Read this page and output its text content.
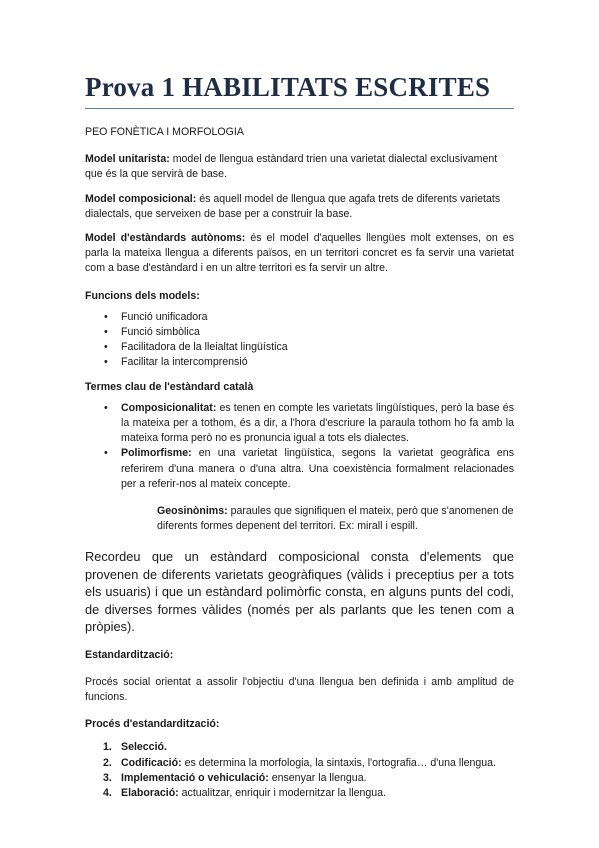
Prova 1 HABILITATS ESCRITES

PEO FONÈTICA I MORFOLOGIA

Model unitarista: model de llengua estàndard trien una varietat dialectal exclusivament que és la que servirà de base.

Model composicional: és aquell model de llengua que agafa trets de diferents varietats dialectals, que serveixen de base per a construir la base.

Model d'estàndards autònoms: és el model d'aquelles llengües molt extenses, on es parla la mateixa llengua a diferents països, en un territori concret es fa servir una varietat com a base d'estàndard i en un altre territori es fa servir un altre.

Funcions dels models:

• Funció unificadora
• Funció simbòlica
• Facilitadora de la lleialtat lingüística
• Facilitar la intercomprensió

Termes clau de l'estàndard català

• Composicionalitat: es tenen en compte les varietats lingüístiques, però la base és la mateixa per a tothom, és a dir, a l'hora d'escriure la paraula tothom ho fa amb la mateixa forma però no es pronuncia igual a tots els dialectes.
• Polimorfisme: en una varietat lingüística, segons la varietat geogràfica ens referirem d'una manera o d'una altra. Una coexistència formalment relacionades per a referir-nos al mateix concepte.

Geosinònims: paraules que signifiquen el mateix, però que s'anomenen de diferents formes depenent del territori. Ex: mirall i espill.

Recordeu que un estàndard composicional consta d'elements que provenen de diferents varietats geogràfiques (vàlids i preceptius per a tots els usuaris) i que un estàndard polimòrfic consta, en alguns punts del codi, de diverses formes vàlides (només per als parlants que les tenen com a pròpies).

Estandardització:

Procés social orientat a assolir l'objectiu d'una llengua ben definida i amb amplitud de funcions.

Procés d'estandardització:

1. Selecció.
2. Codificació: es determina la morfologia, la sintaxis, l'ortografia… d'una llengua.
3. Implementació o vehiculació: ensenyar la llengua.
4. Elaboració: actualitzar, enriquir i modernitzar la llengua.
